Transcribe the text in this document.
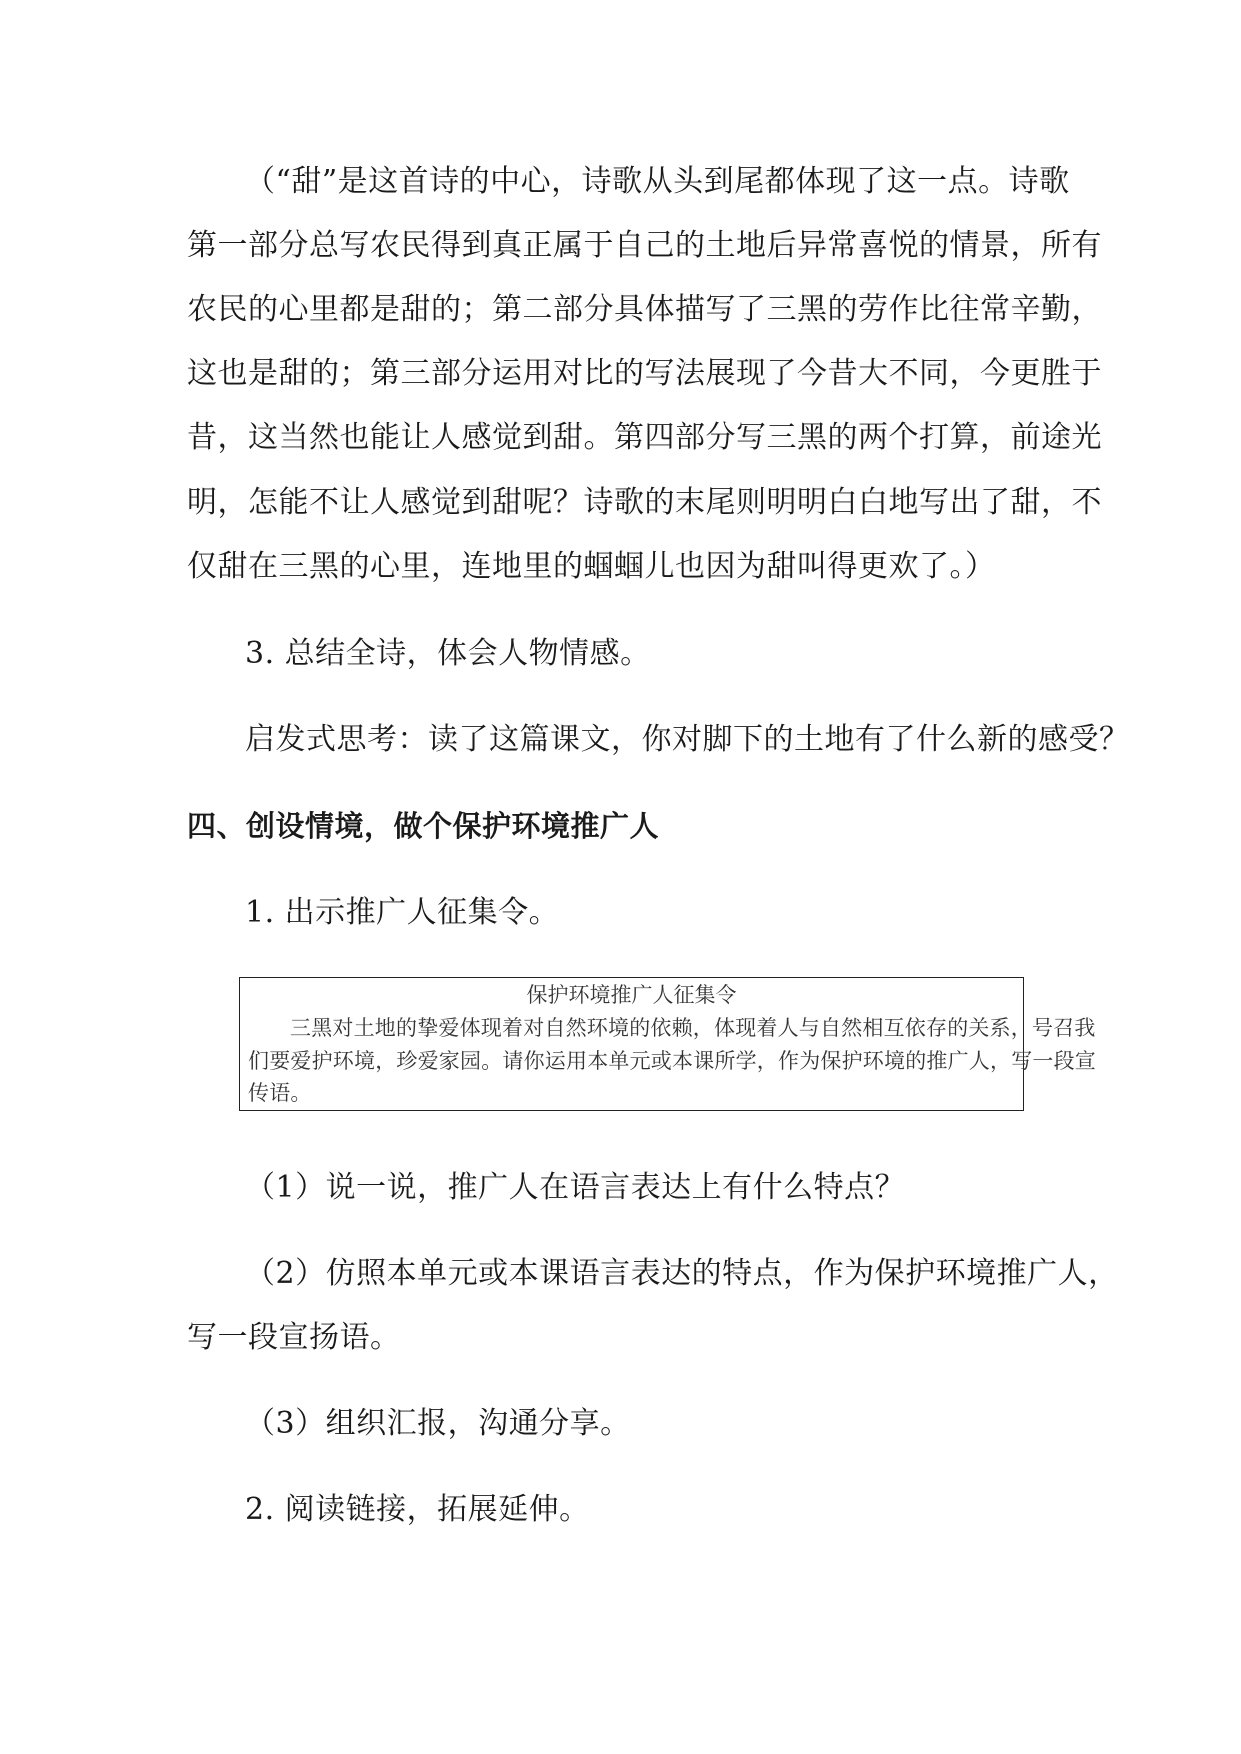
（“甜”是这首诗的中心，诗歌从头到尾都体现了这一点。诗歌
第一部分总写农民得到真正属于自己的土地后异常喜悦的情景，所有
农民的心里都是甜的；第二部分具体描写了三黑的劳作比往常辛勤，
这也是甜的；第三部分运用对比的写法展现了今昔大不同，今更胜于
昔，这当然也能让人感觉到甜。第四部分写三黑的两个打算，前途光
明，怎能不让人感觉到甜呢？诗歌的末尾则明明白白地写出了甜，不
仅甜在三黑的心里，连地里的蝈蝈儿也因为甜叫得更欢了。）
3. 总结全诗，体会人物情感。
启发式思考：读了这篇课文，你对脚下的土地有了什么新的感受？
四、创设情境，做个保护环境推广人
1. 出示推广人征集令。
保护环境推广人征集令
三黑对土地的挚爱体现着对自然环境的依赖，体现着人与自然相互依存的关系，号召我
们要爱护环境，珍爱家园。请你运用本单元或本课所学，作为保护环境的推广人，写一段宣
传语。
（1）说一说，推广人在语言表达上有什么特点？
（2）仿照本单元或本课语言表达的特点，作为保护环境推广人，
写一段宣扬语。
（3）组织汇报，沟通分享。
2. 阅读链接，拓展延伸。
